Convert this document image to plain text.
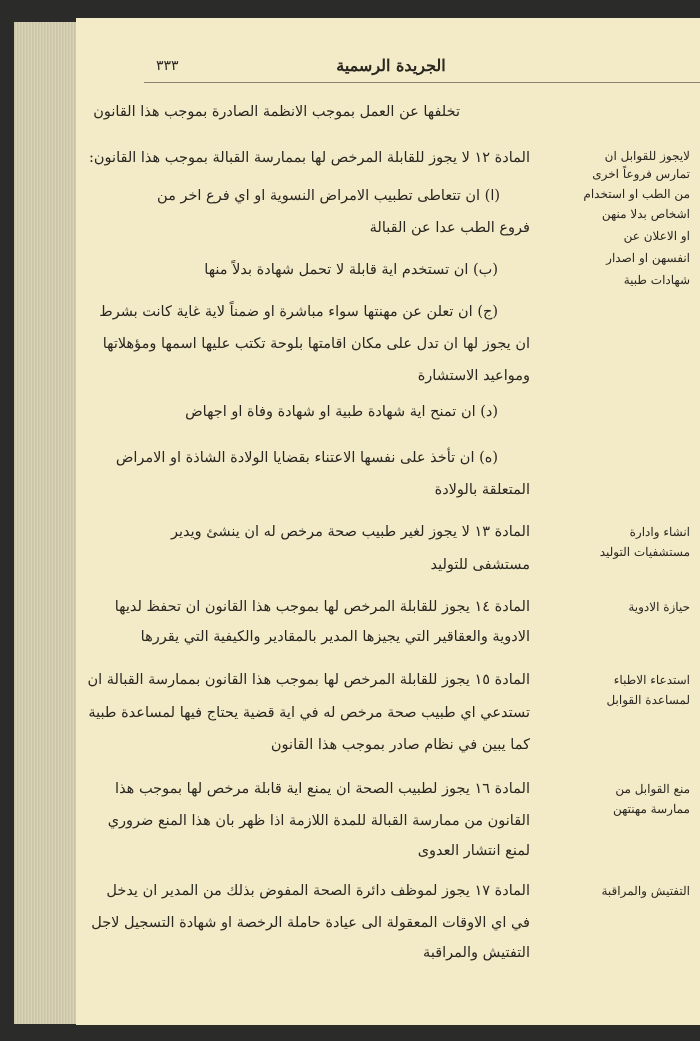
٣٣٣	الجريدة الرسمية
تخلفها عن العمل بموجب الانظمة الصادرة بموجب هذا القانون
المادة ١٢ لا يجوز للقابلة المرخص لها بممارسة القبالة بموجب هذا القانون:
(ا) ان تتعاطى تطبيب الامراض النسوية او اي فرع اخر من
فروع الطب عدا عن القبالة
(ب) ان تستخدم اية قابلة لا تحمل شهادة بدلاً منها
(ج) ان تعلن عن مهنتها سواء مباشرة او ضمناً لاية غاية كانت بشرط
ان يجوز لها ان تدل على مكان اقامتها بلوحة تكتب عليها اسمها ومؤهلاتها
ومواعيد الاستشارة
(د) ان تمنح اية شهادة طبية او شهادة وفاة او اجهاض
(ه) ان تأخذ على نفسها الاعتناء بقضايا الولادة الشاذة او الامراض
المتعلقة بالولادة
المادة ١٣ لا يجوز لغير طبيب صحة مرخص له ان ينشئ ويدير
مستشفى للتوليد
المادة ١٤ يجوز للقابلة المرخص لها بموجب هذا القانون ان تحفظ لديها
الادوية والعقاقير التي يجيزها المدير بالمقادير والكيفية التي يقررها
المادة ١٥ يجوز للقابلة المرخص لها بموجب هذا القانون بممارسة القبالة ان
تستدعي اي طبيب صحة مرخص له في اية قضية يحتاج فيها لمساعدة طبية
كما يبين في نظام صادر بموجب هذا القانون
المادة ١٦ يجوز لطبيب الصحة ان يمنع اية قابلة مرخص لها بموجب هذا
القانون من ممارسة القبالة للمدة اللازمة اذا ظهر بان هذا المنع ضروري
لمنع انتشار العدوى
المادة ١٧ يجوز لموظف دائرة الصحة المفوض بذلك من المدير ان يدخل
في اي الاوقات المعقولة الى عيادة حاملة الرخصة او شهادة التسجيل لاجل
التفتيش والمراقبة
لايجوز للقوابل ان
تمارس فروعاً اخرى
من الطب او استخدام
اشخاص بدلا منهن
او الاعلان عن
انفسهن او اصدار
شهادات طبية
انشاء وادارة
مستشفيات التوليد
حيازة الادوية
استدعاء الاطباء
لمساعدة القوابل
منع القوابل من
ممارسة مهنتهن
التفتيش والمراقبة
